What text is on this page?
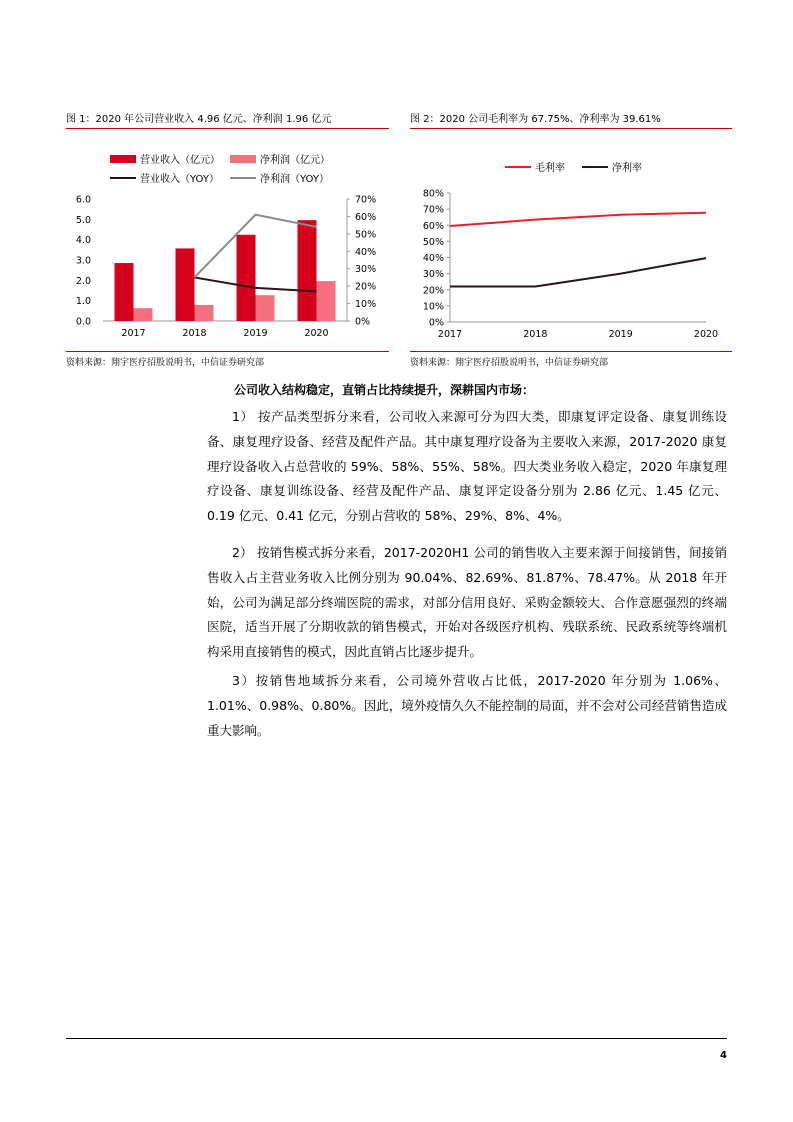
图 1：2020 年公司营业收入 4.96 亿元、净利润 1.96 亿元
营业收入（亿元）	净利润（亿元）
营业收入（YOY）	净利润（YOY）
0.0
1.0
2.0
3.0
4.0
5.0
6.0
0%
10%
20%
30%
40%
50%
60%
70%
2017	2018	2019	2020
资料来源：翔宇医疗招股说明书，中信证券研究部
图 2：2020 公司毛利率为 67.75%、净利率为 39.61%
毛利率	净利率
0%
10%
20%
30%
40%
50%
60%
70%
80%
2017	2018	2019	2020
资料来源：翔宇医疗招股说明书，中信证券研究部
公司收入结构稳定，直销占比持续提升，深耕国内市场：
1） 按产品类型拆分来看，公司收入来源可分为四大类，即康复评定设备、康复训练设备、康复理疗设备、经营及配件产品。其中康复理疗设备为主要收入来源，2017-2020 康复理疗设备收入占总营收的 59%、58%、55%、58%。四大类业务收入稳定，2020 年康复理疗设备、康复训练设备、经营及配件产品、康复评定设备分别为 2.86 亿元、1.45 亿元、0.19 亿元、0.41 亿元，分别占营收的 58%、29%、8%、4%。
2） 按销售模式拆分来看，2017-2020H1 公司的销售收入主要来源于间接销售，间接销售收入占主营业务收入比例分别为 90.04%、82.69%、81.87%、78.47%。从 2018 年开始，公司为满足部分终端医院的需求，对部分信用良好、采购金额较大、合作意愿强烈的终端医院，适当开展了分期收款的销售模式，开始对各级医疗机构、残联系统、民政系统等终端机构采用直接销售的模式，因此直销占比逐步提升。
3）按销售地域拆分来看，公司境外营收占比低，2017-2020 年分别为 1.06%、1.01%、0.98%、0.80%。因此，境外疫情久久不能控制的局面，并不会对公司经营销售造成重大影响。
4
